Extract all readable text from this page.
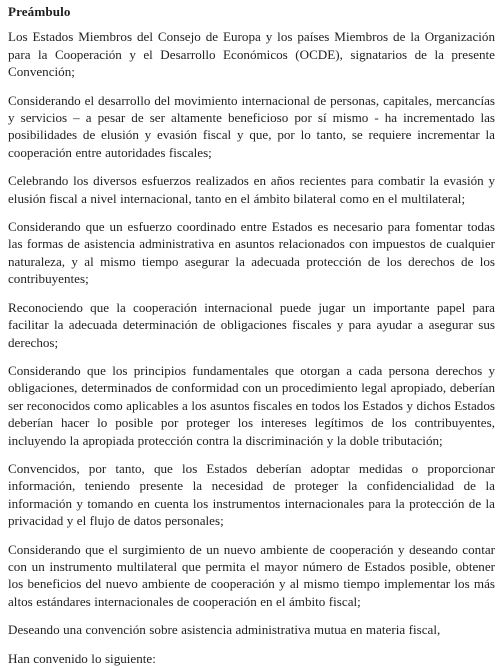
Preámbulo

Los Estados Miembros del Consejo de Europa y los países Miembros de la Organización para la Cooperación y el Desarrollo Económicos (OCDE), signatarios de la presente Convención;

Considerando el desarrollo del movimiento internacional de personas, capitales, mercancías y servicios – a pesar de ser altamente beneficioso por sí mismo - ha incrementado las posibilidades de elusión y evasión fiscal y que, por lo tanto, se requiere incrementar la cooperación entre autoridades fiscales;

Celebrando los diversos esfuerzos realizados en años recientes para combatir la evasión y elusión fiscal a nivel internacional, tanto en el ámbito bilateral como en el multilateral;

Considerando que un esfuerzo coordinado entre Estados es necesario para fomentar todas las formas de asistencia administrativa en asuntos relacionados con impuestos de cualquier naturaleza, y al mismo tiempo asegurar la adecuada protección de los derechos de los contribuyentes;

Reconociendo que la cooperación internacional puede jugar un importante papel para facilitar la adecuada determinación de obligaciones fiscales y para ayudar a asegurar sus derechos;

Considerando que los principios fundamentales que otorgan a cada persona derechos y obligaciones, determinados de conformidad con un procedimiento legal apropiado, deberían ser reconocidos como aplicables a los asuntos fiscales en todos los Estados y dichos Estados deberían hacer lo posible por proteger los intereses legítimos de los contribuyentes, incluyendo la apropiada protección contra la discriminación y la doble tributación;

Convencidos, por tanto, que los Estados deberían adoptar medidas o proporcionar información, teniendo presente la necesidad de proteger la confidencialidad de la información y tomando en cuenta los instrumentos internacionales para la protección de la privacidad y el flujo de datos personales;

Considerando que el surgimiento de un nuevo ambiente de cooperación y deseando contar con un instrumento multilateral que permita el mayor número de Estados posible, obtener los beneficios del nuevo ambiente de cooperación y al mismo tiempo implementar los más altos estándares internacionales de cooperación en el ámbito fiscal;

Deseando una convención sobre asistencia administrativa mutua en materia fiscal,

Han convenido lo siguiente:
